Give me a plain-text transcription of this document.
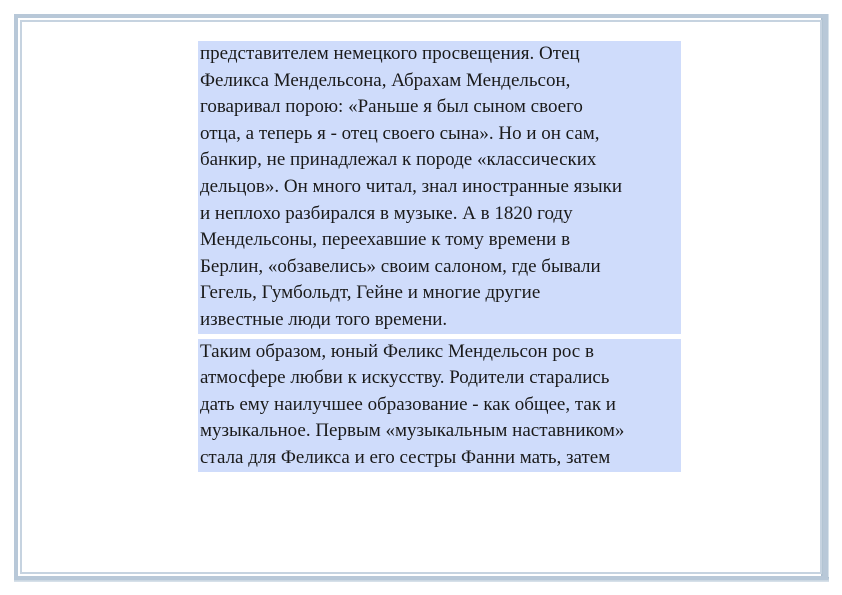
представителем немецкого просвещения. Отец
Феликса Мендельсона, Абрахам Мендельсон,
говаривал порою: «Раньше я был сыном своего
отца, а теперь я - отец своего сына». Но и он сам,
банкир, не принадлежал к породе «классических
дельцов». Он много читал, знал иностранные языки
и неплохо разбирался в музыке. А в 1820 году
Мендельсоны, переехавшие к тому времени в
Берлин, «обзавелись» своим салоном, где бывали
Гегель, Гумбольдт, Гейне и многие другие
известные люди того времени.
Таким образом, юный Феликс Мендельсон рос в
атмосфере любви к искусству. Родители старались
дать ему наилучшее образование - как общее, так и
музыкальное. Первым «музыкальным наставником»
стала для Феликса и его сестры Фанни мать, затем
